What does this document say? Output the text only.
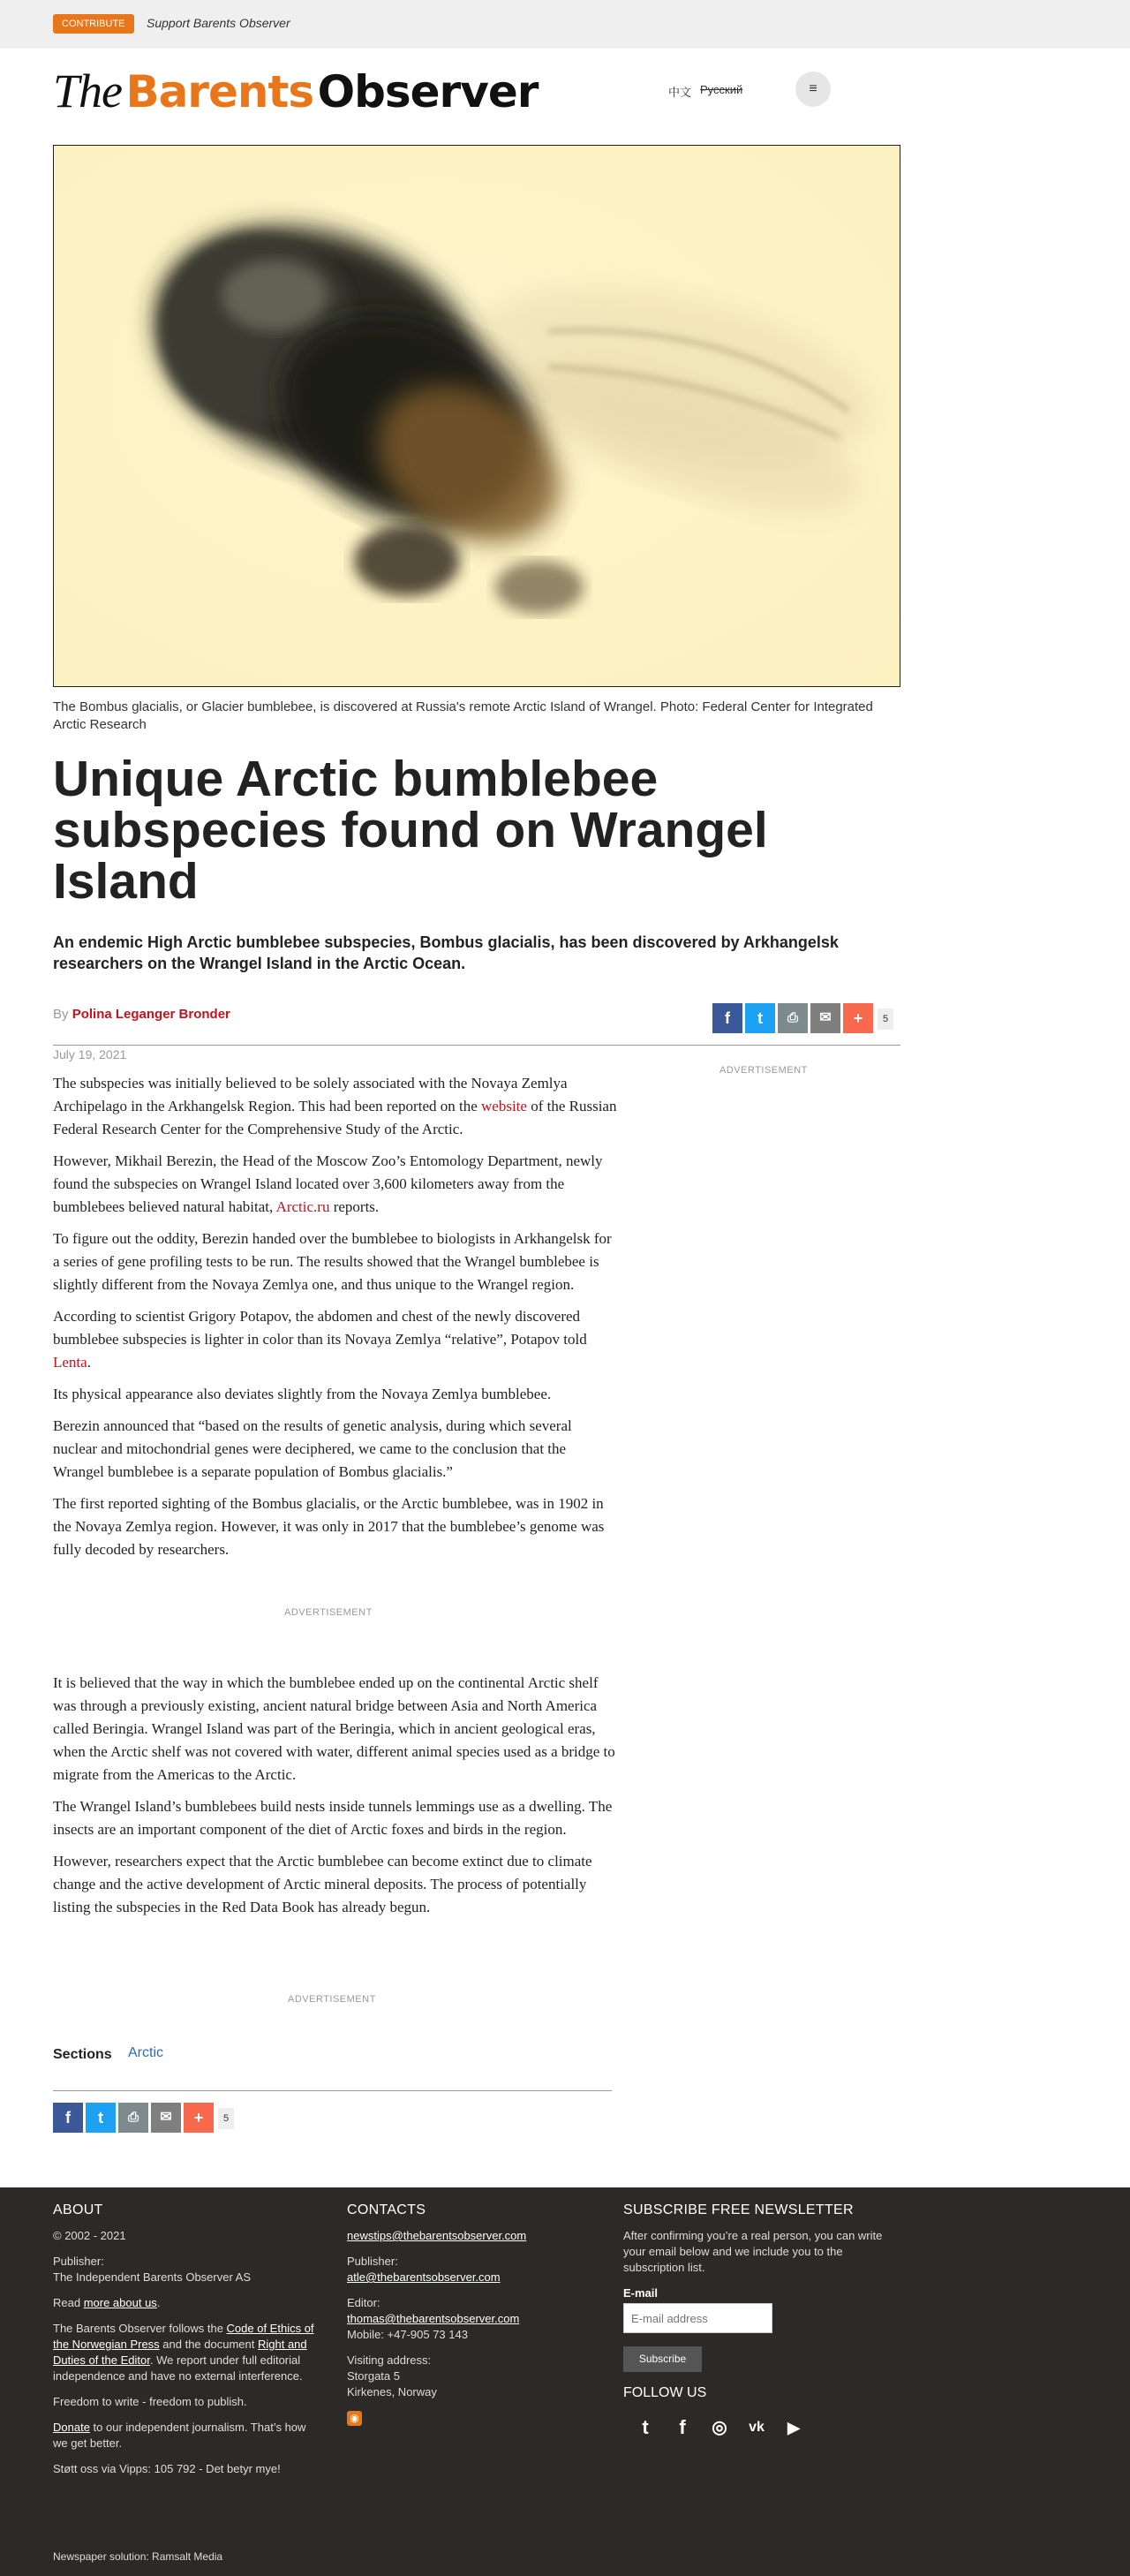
CONTRIBUTE	Support Barents Observer
The Barents Observer	中文 Русский	≡
The Bombus glacialis, or Glacier bumblebee, is discovered at Russia's remote Arctic Island of Wrangel. Photo: Federal Center for Integrated Arctic Research
Unique Arctic bumblebee subspecies found on Wrangel Island
An endemic High Arctic bumblebee subspecies, Bombus glacialis, has been discovered by Arkhangelsk researchers on the Wrangel Island in the Arctic Ocean.
By Polina Leganger Bronder	f	t	⎙	✉	+	5
July 19, 2021
ADVERTISEMENT

The subspecies was initially believed to be solely associated with the Novaya Zemlya Archipelago in the Arkhangelsk Region. This had been reported on the website of the Russian Federal Research Center for the Comprehensive Study of the Arctic.

However, Mikhail Berezin, the Head of the Moscow Zoo’s Entomology Department, newly found the subspecies on Wrangel Island located over 3,600 kilometers away from the bumblebees believed natural habitat, Arctic.ru reports.

To figure out the oddity, Berezin handed over the bumblebee to biologists in Arkhangelsk for a series of gene profiling tests to be run. The results showed that the Wrangel bumblebee is slightly different from the Novaya Zemlya one, and thus unique to the Wrangel region.

According to scientist Grigory Potapov, the abdomen and chest of the newly discovered bumblebee subspecies is lighter in color than its Novaya Zemlya “relative”, Potapov told Lenta.

Its physical appearance also deviates slightly from the Novaya Zemlya bumblebee.

Berezin announced that “based on the results of genetic analysis, during which several nuclear and mitochondrial genes were deciphered, we came to the conclusion that the Wrangel bumblebee is a separate population of Bombus glacialis.”

The first reported sighting of the Bombus glacialis, or the Arctic bumblebee, was in 1902 in the Novaya Zemlya region. However, it was only in 2017 that the bumblebee’s genome was fully decoded by researchers.

ADVERTISEMENT

It is believed that the way in which the bumblebee ended up on the continental Arctic shelf was through a previously existing, ancient natural bridge between Asia and North America called Beringia. Wrangel Island was part of the Beringia, which in ancient geological eras, when the Arctic shelf was not covered with water, different animal species used as a bridge to migrate from the Americas to the Arctic.

The Wrangel Island’s bumblebees build nests inside tunnels lemmings use as a dwelling. The insects are an important component of the diet of Arctic foxes and birds in the region.

However, researchers expect that the Arctic bumblebee can become extinct due to climate change and the active development of Arctic mineral deposits. The process of potentially listing the subspecies in the Red Data Book has already begun.

ADVERTISEMENT
Sections Arctic
f	t	⎙	✉	+	5
ABOUT

© 2002 - 2021

Publisher:
The Independent Barents Observer AS

Read more about us.

The Barents Observer follows the Code of Ethics of the Norwegian Press and the document Right and Duties of the Editor. We report under full editorial independence and have no external interference.

Freedom to write - freedom to publish.

Donate to our independent journalism. That’s how we get better.

Støtt oss via Vipps: 105 792 - Det betyr mye!

CONTACTS

newstips@thebarentsobserver.com

Publisher:
atle@thebarentsobserver.com

Editor:
thomas@thebarentsobserver.com
Mobile: +47-905 73 143

Visiting address:
Storgata 5
Kirkenes, Norway

◉
SUBSCRIBE FREE NEWSLETTER

After confirming you’re a real person, you can write your email below and we include you to the subscription list.

E-mail
E-mail address
Subscribe
FOLLOW US
t	f	◎	vk	▶
Newspaper solution: Ramsalt Media
